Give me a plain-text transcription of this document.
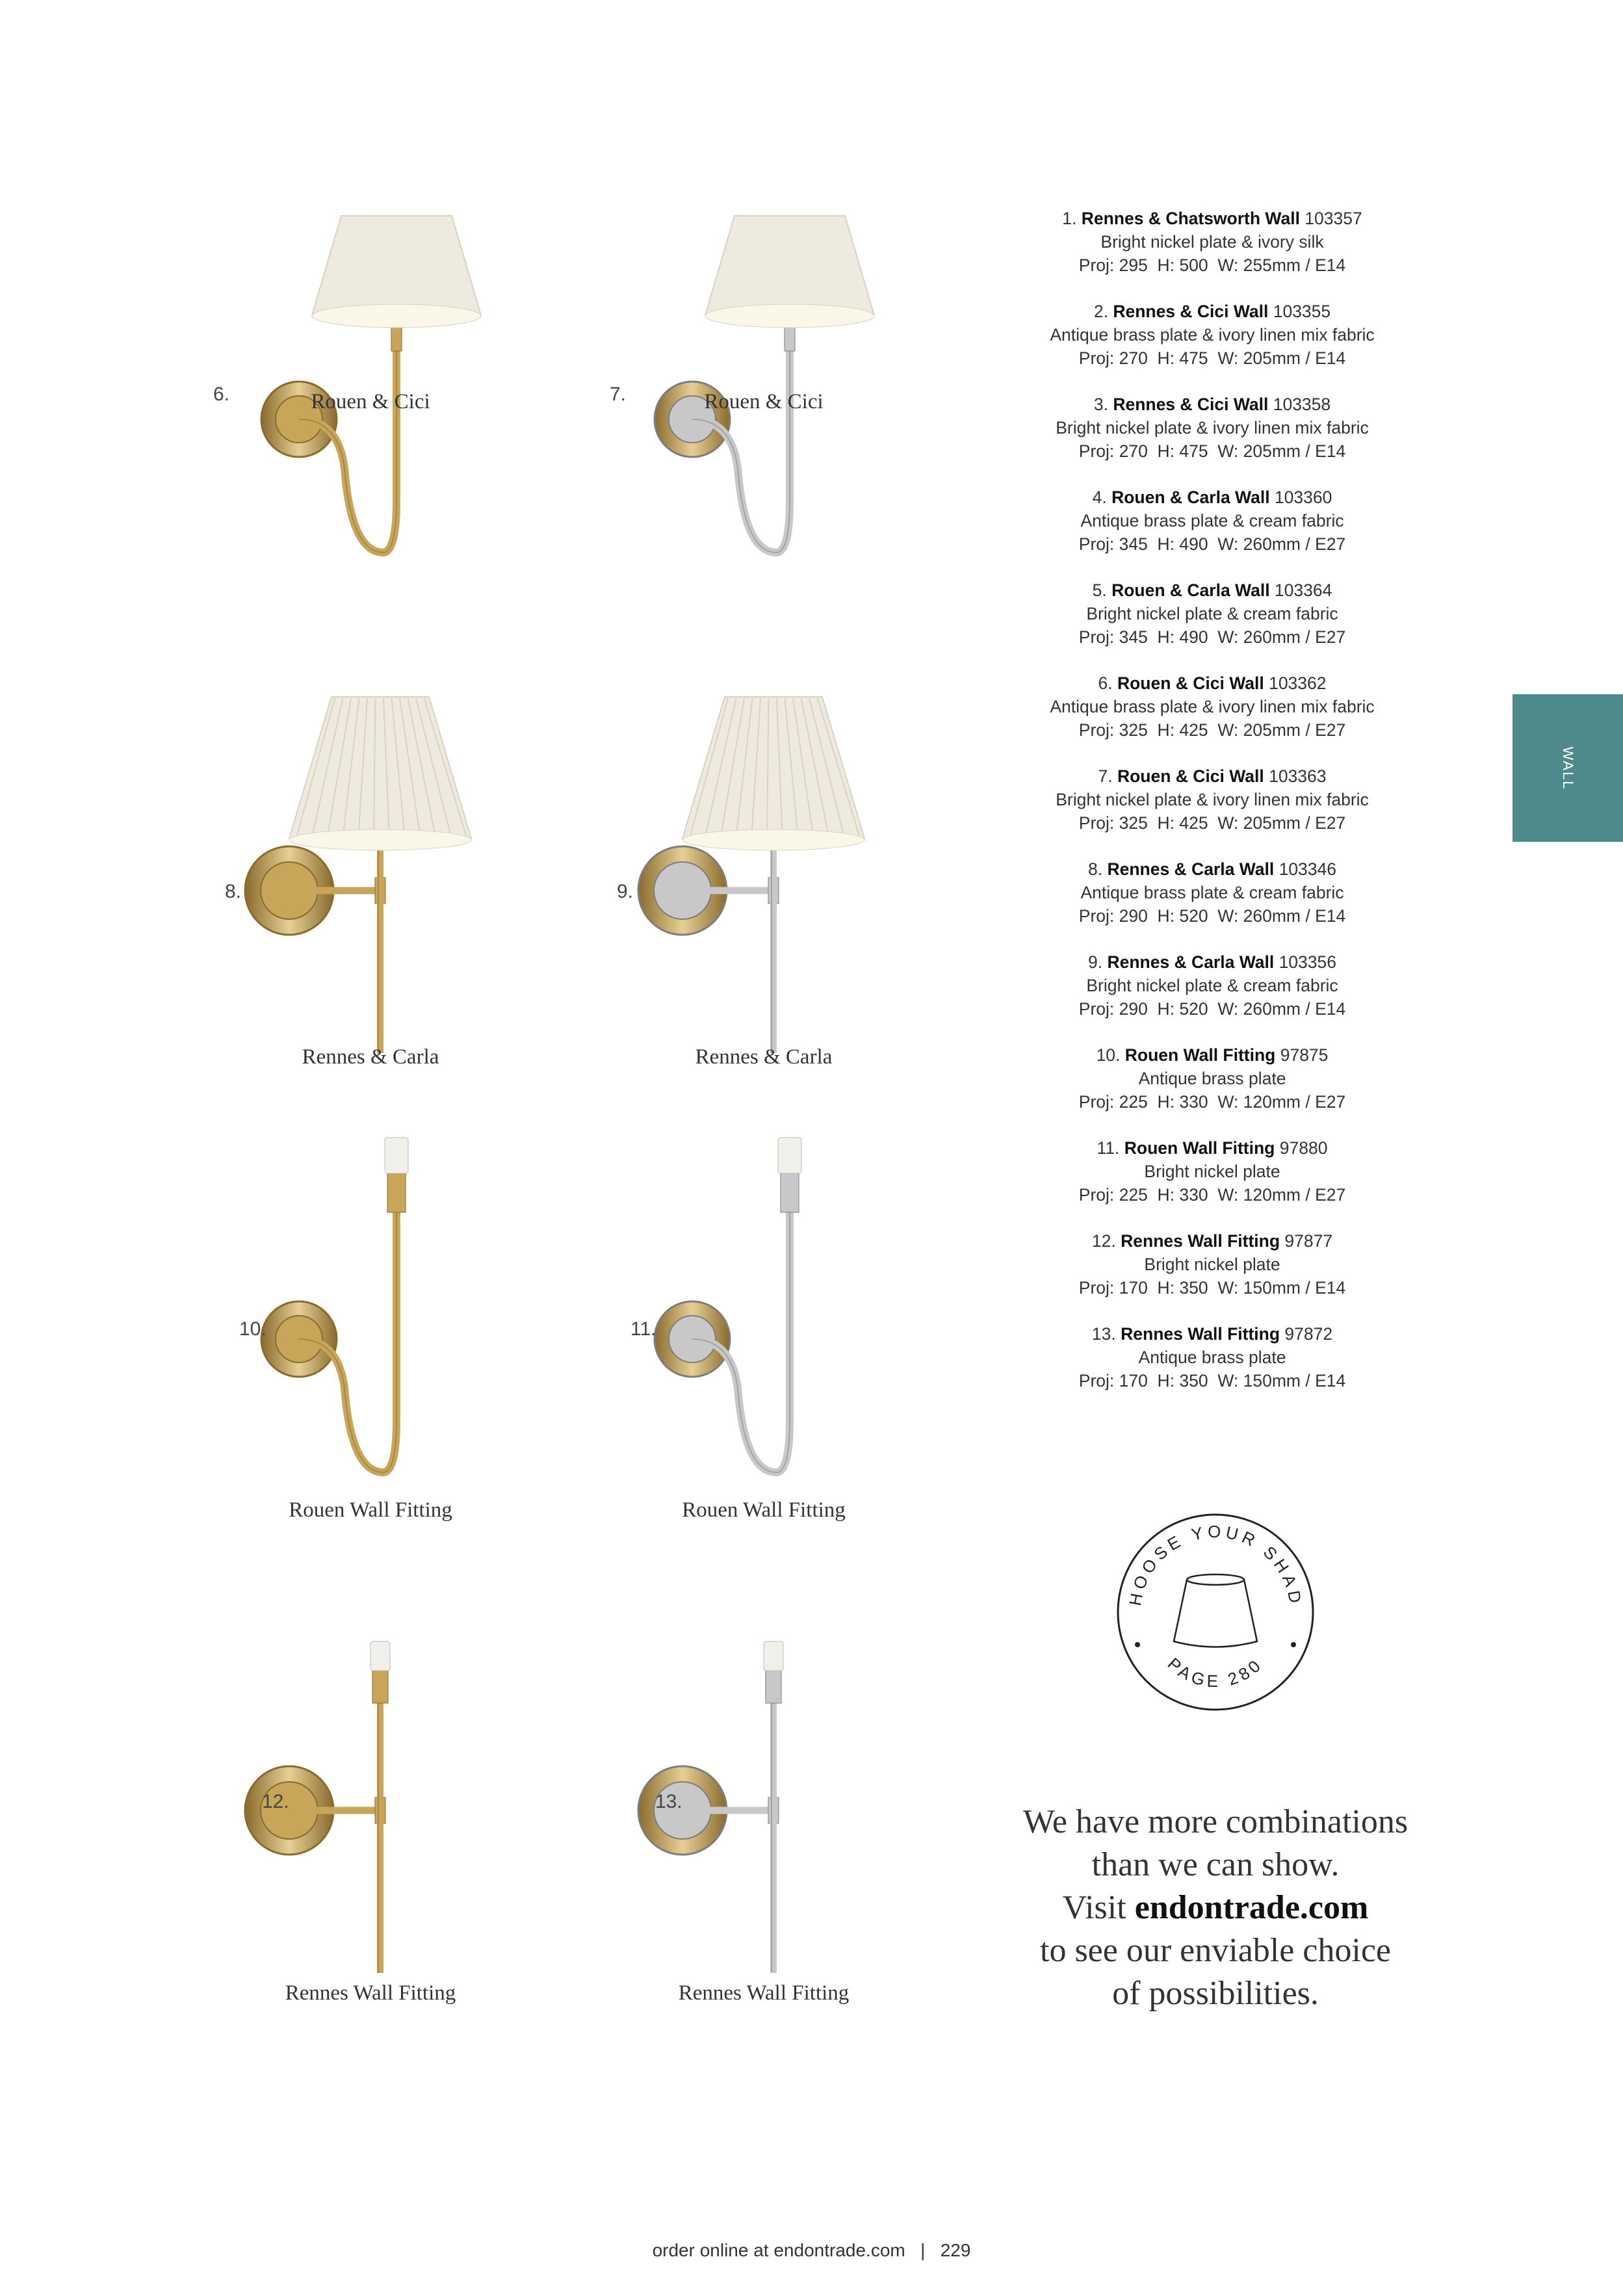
6.	7.
8.	9.
10.	11.
12.	13.
1. Rennes & Chatsworth Wall 103357
Bright nickel plate & ivory silk
Proj: 295  H: 500  W: 255mm / E14
2. Rennes & Cici Wall 103355
Antique brass plate & ivory linen mix fabric
Proj: 270  H: 475  W: 205mm / E14
3. Rennes & Cici Wall 103358
Bright nickel plate & ivory linen mix fabric
Proj: 270  H: 475  W: 205mm / E14
4. Rouen & Carla Wall 103360
Antique brass plate & cream fabric
Proj: 345  H: 490  W: 260mm / E27
5. Rouen & Carla Wall 103364
Bright nickel plate & cream fabric
Proj: 345  H: 490  W: 260mm / E27
6. Rouen & Cici Wall 103362
Antique brass plate & ivory linen mix fabric
Proj: 325  H: 425  W: 205mm / E27
7. Rouen & Cici Wall 103363
Bright nickel plate & ivory linen mix fabric
Proj: 325  H: 425  W: 205mm / E27
8. Rennes & Carla Wall 103346
Antique brass plate & cream fabric
Proj: 290  H: 520  W: 260mm / E14
9. Rennes & Carla Wall 103356
Bright nickel plate & cream fabric
Proj: 290  H: 520  W: 260mm / E14
10. Rouen Wall Fitting 97875
Antique brass plate
Proj: 225  H: 330  W: 120mm / E27
11. Rouen Wall Fitting 97880
Bright nickel plate
Proj: 225  H: 330  W: 120mm / E27
12. Rennes Wall Fitting 97877
Bright nickel plate
Proj: 170  H: 350  W: 150mm / E14
13. Rennes Wall Fitting 97872
Antique brass plate
Proj: 170  H: 350  W: 150mm / E14
WALL
HOOSE YOUR SHAD
PAGE 280
We have more combinations
than we can show.
Visit endontrade.com
to see our enviable choice
of possibilities.
order online at endontrade.com | 229
Rouen & Cici	Rouen & Cici
Rennes & Carla	Rennes & Carla
Rouen Wall Fitting	Rouen Wall Fitting
Rennes Wall Fitting	Rennes Wall Fitting
